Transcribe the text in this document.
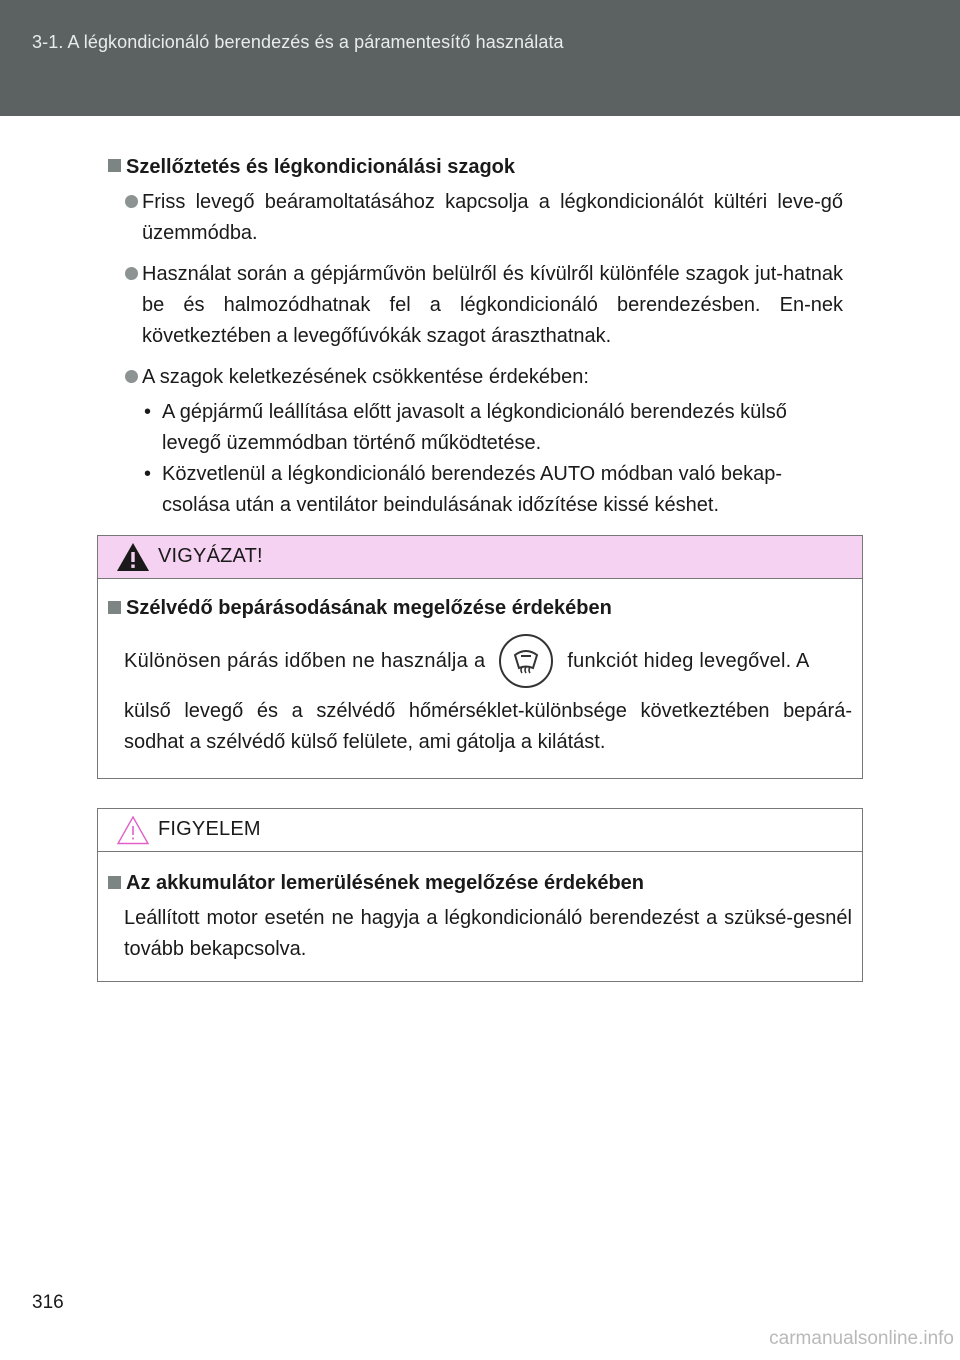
3-1. A légkondicionáló berendezés és a páramentesítő használata
Szellőztetés és légkondicionálási szagok
Friss levegő beáramoltatásához kapcsolja a légkondicionálót kültéri leve-gő üzemmódba.
Használat során a gépjárművön belülről és kívülről különféle szagok jut-hatnak be és halmozódhatnak fel a légkondicionáló berendezésben. En-nek következtében a levegőfúvókák szagot áraszthatnak.
A szagok keletkezésének csökkentése érdekében:
• A gépjármű leállítása előtt javasolt a légkondicionáló berendezés külső levegő üzemmódban történő működtetése.
• Közvetlenül a légkondicionáló berendezés AUTO módban való bekap-csolása után a ventilátor beindulásának időzítése kissé késhet.
VIGYÁZAT!
Szélvédő bepárásodásának megelőzése érdekében
Különösen párás időben ne használja a	funkciót hideg levegővel. A
külső levegő és a szélvédő hőmérséklet-különbsége következtében bepárá-sodhat a szélvédő külső felülete, ami gátolja a kilátást.
FIGYELEM
Az akkumulátor lemerülésének megelőzése érdekében
Leállított motor esetén ne hagyja a légkondicionáló berendezést a szüksé-gesnél tovább bekapcsolva.
316
carmanualsonline.info
